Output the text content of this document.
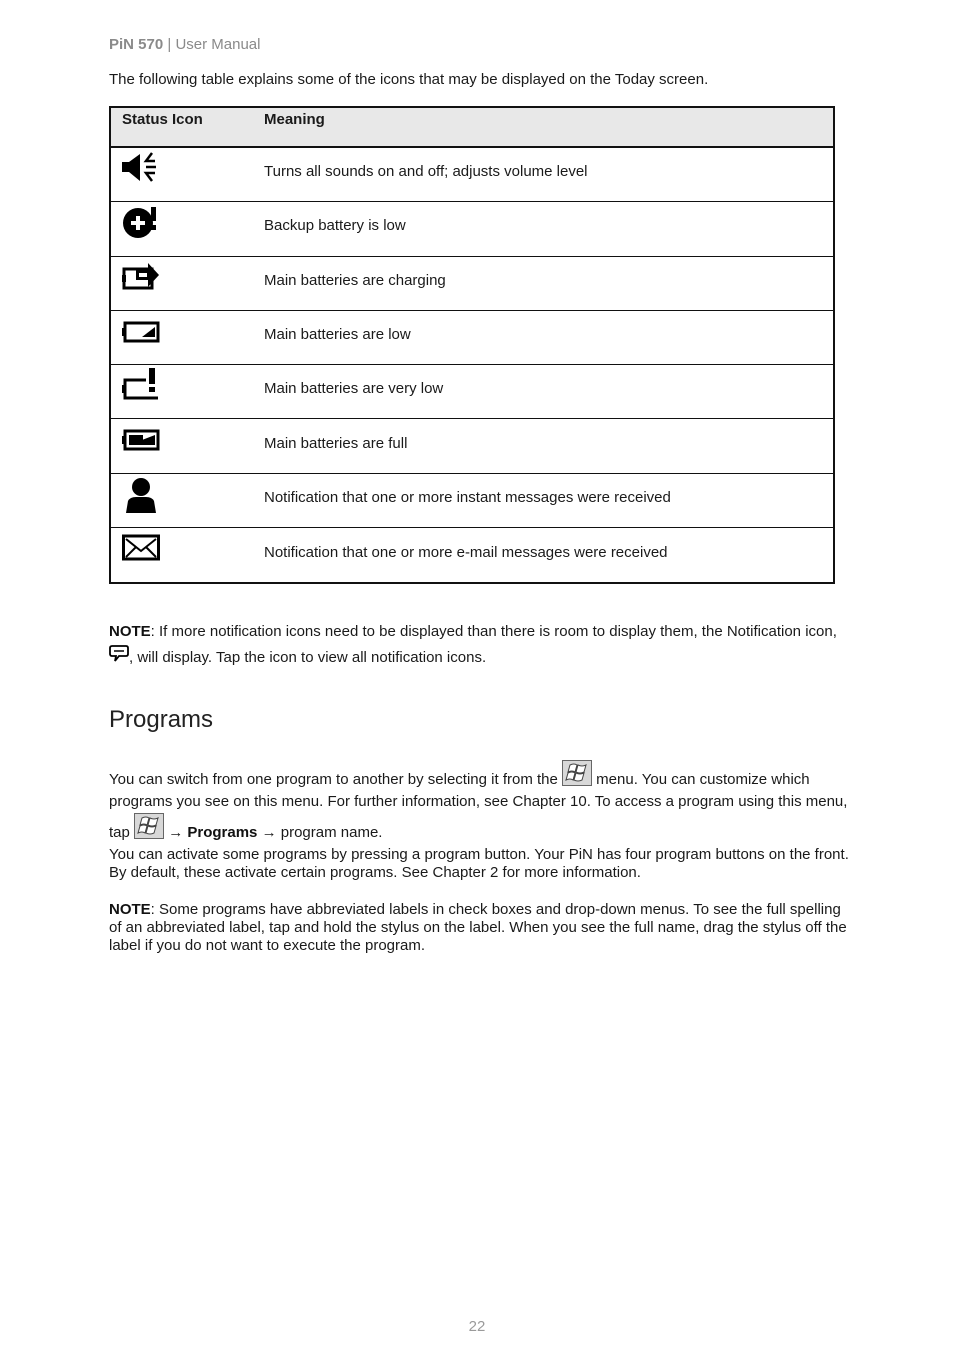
PiN 570 | User Manual
The following table explains some of the icons that may be displayed on the Today screen.
Status Icon	Meaning
Turns all sounds on and off; adjusts volume level
Backup battery is low
Main batteries are charging
Main batteries are low
Main batteries are very low
Main batteries are full
Notification that one or more instant messages were received
Notification that one or more e-mail messages were received
NOTE: If more notification icons need to be displayed than there is room to display them, the Notification icon, , will display. Tap the icon to view all notification icons.
Programs
You can switch from one program to another by selecting it from the  menu. You can customize which programs you see on this menu. For further information, see Chapter 10. To access a program using this menu, tap  → Programs → program name.
You can activate some programs by pressing a program button. Your PiN has four program buttons on the front. By default, these activate certain programs. See Chapter 2 for more information.
NOTE: Some programs have abbreviated labels in check boxes and drop-down menus. To see the full spelling of an abbreviated label, tap and hold the stylus on the label. When you see the full name, drag the stylus off the label if you do not want to execute the program.
22
